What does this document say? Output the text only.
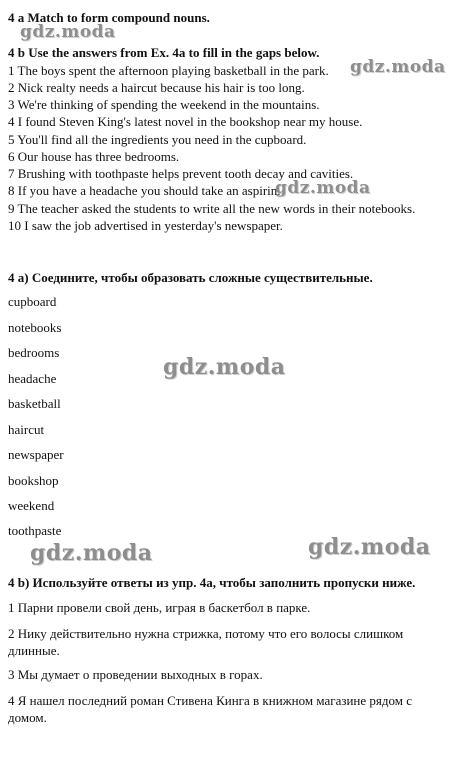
4 a Match to form compound nouns.
4 b Use the answers from Ex. 4a to fill in the gaps below.
1 The boys spent the afternoon playing basketball in the park.
2 Nick realty needs a haircut because his hair is too long.
3 We're thinking of spending the weekend in the mountains.
4 I found Steven King's latest novel in the bookshop near my house.
5 You'll find all the ingredients you need in the cupboard.
6 Our house has three bedrooms.
7 Brushing with toothpaste helps prevent tooth decay and cavities.
8 If you have a headache you should take an aspirin.
9 The teacher asked the students to write all the new words in their notebooks.
10 I saw the job advertised in yesterday's newspaper.
4 а) Соедините, чтобы образовать сложные существительные.
cupboard
notebooks
bedrooms
headache
basketball
haircut
newspaper
bookshop
weekend
toothpaste
4 b) Используйте ответы из упр. 4а, чтобы заполнить пропуски ниже.
1 Парни провели свой день, играя в баскетбол в парке.
2 Нику действительно нужна стрижка, потому что его волосы слишком длинные.
3 Мы думает о проведении выходных в горах.
4 Я нашел последний роман Стивена Кинга в книжном магазине рядом с домом.
gdz.moda
gdz.moda
gdz.moda
gdz.moda
gdz.moda	gdz.moda
